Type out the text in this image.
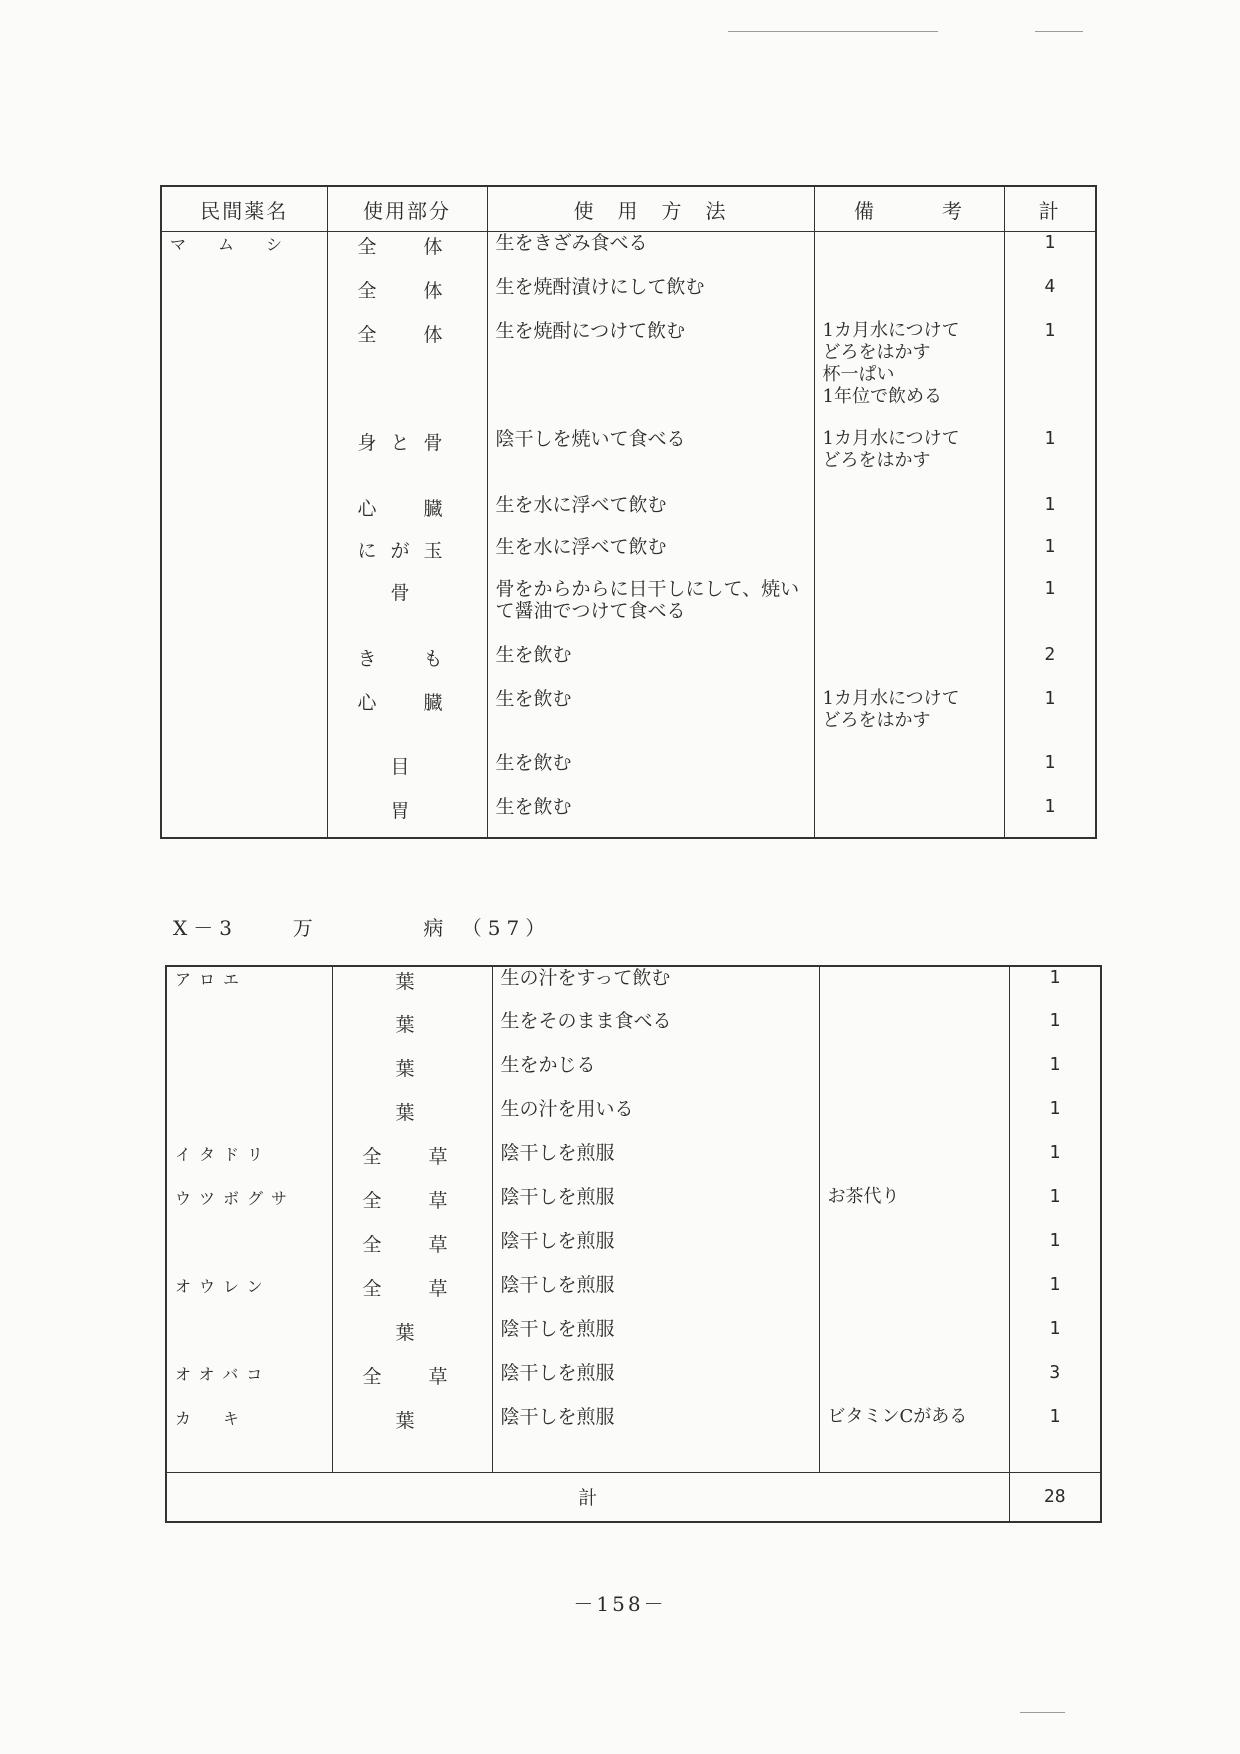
民間薬名	使用部分	使　用　方　法	備　　　考	計
マ　ム　シ	全　体	生をきざみ食べる		1
	全　体	生を焼酎漬けにして飲む		4
	全　体	生を焼酎につけて飲む	1カ月水につけて
どろをはかす
杯一ぱい
1年位で飲める	1
	身と骨	陰干しを焼いて食べる	1カ月水につけて
どろをはかす	1
	心　臓	生を水に浮べて飲む		1
	にが玉	生を水に浮べて飲む		1
	骨	骨をからからに日干しにして、焼いて醤油でつけて食べる		1
	き　も	生を飲む		2
	心　臓	生を飲む	1カ月水につけて
どろをはかす	1
	目	生を飲む		1
	胃	生を飲む		1
X－3	万	病 （57）
アロエ	葉	生の汁をすって飲む		1
	葉	生をそのまま食べる		1
	葉	生をかじる		1
	葉	生の汁を用いる		1
イタドリ	全　草	陰干しを煎服		1
ウツボグサ	全　草	陰干しを煎服	お茶代り	1
	全　草	陰干しを煎服		1
オウレン	全　草	陰干しを煎服		1
	葉	陰干しを煎服		1
オオバコ	全　草	陰干しを煎服		3
カ　キ	葉	陰干しを煎服	ビタミンCがある	1
計				28
－158－
